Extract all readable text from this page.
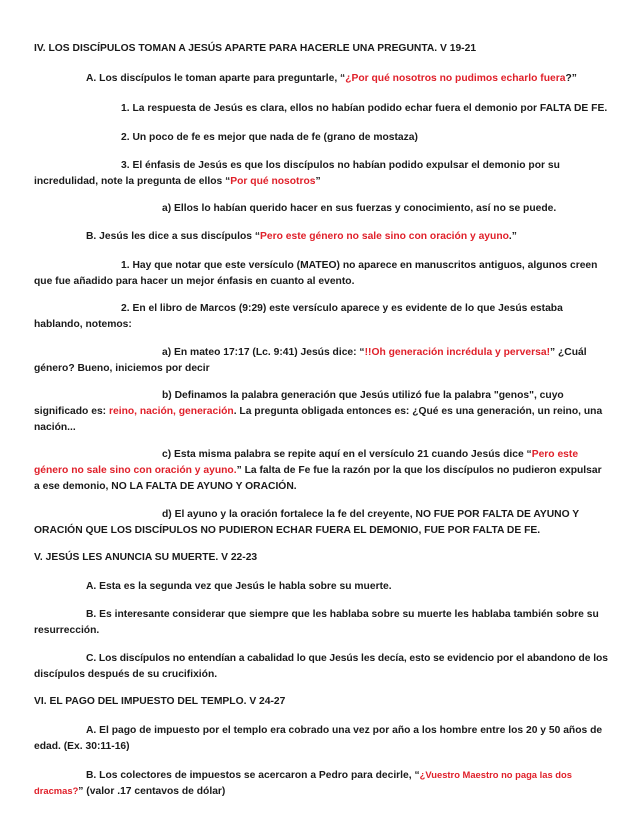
IV. LOS DISCÍPULOS TOMAN A JESÚS APARTE PARA HACERLE UNA PREGUNTA. V 19-21
A. Los discípulos le toman aparte para preguntarle, “¿Por qué nosotros no pudimos echarlo fuera?”
1. La respuesta de Jesús es clara, ellos no habían podido echar fuera el demonio por FALTA DE FE.
2. Un poco de fe es mejor que nada de fe (grano de mostaza)
3. El énfasis de Jesús es que los discípulos no habían podido expulsar el demonio por su
incredulidad, note la pregunta de ellos “Por qué nosotros”
a) Ellos lo habían querido hacer en sus fuerzas y conocimiento, así no se puede.
B. Jesús les dice a sus discípulos “Pero este género no sale sino con oración y ayuno.”
1. Hay que notar que este versículo (MATEO) no aparece en manuscritos antiguos, algunos creen
que fue añadido para hacer un mejor énfasis en cuanto al evento.
2. En el libro de Marcos (9:29) este versículo aparece y es evidente de lo que Jesús estaba
hablando, notemos:
a) En mateo 17:17 (Lc. 9:41) Jesús dice: “!!Oh generación incrédula y perversa!” ¿Cuál
género? Bueno, iniciemos por decir
b) Definamos la palabra generación que Jesús utilizó fue la palabra "genos", cuyo
significado es: reino, nación, generación. La pregunta obligada entonces es: ¿Qué es una generación, un reino, una
nación...
c) Esta misma palabra se repite aquí en el versículo 21 cuando Jesús dice “Pero este
género no sale sino con oración y ayuno.” La falta de Fe fue la razón por la que los discípulos no pudieron expulsar
a ese demonio, NO LA FALTA DE AYUNO Y ORACIÓN.
d) El ayuno y la oración fortalece la fe del creyente, NO FUE POR FALTA DE AYUNO Y
ORACIÓN QUE LOS DISCÍPULOS NO PUDIERON ECHAR FUERA EL DEMONIO, FUE POR FALTA DE FE.
V. JESÚS LES ANUNCIA SU MUERTE. V 22-23
A. Esta es la segunda vez que Jesús le habla sobre su muerte.
B. Es interesante considerar que siempre que les hablaba sobre su muerte les hablaba también sobre su
resurrección.
C. Los discípulos no entendían a cabalidad lo que Jesús les decía, esto se evidencio por el abandono de los
discípulos después de su crucifixión.
VI. EL PAGO DEL IMPUESTO DEL TEMPLO. V 24-27
A. El pago de impuesto por el templo era cobrado una vez por año a los hombre entre los 20 y 50 años de
edad. (Ex. 30:11-16)
B. Los colectores de impuestos se acercaron a Pedro para decirle, “¿Vuestro Maestro no paga las dos
dracmas?” (valor .17 centavos de dólar)
